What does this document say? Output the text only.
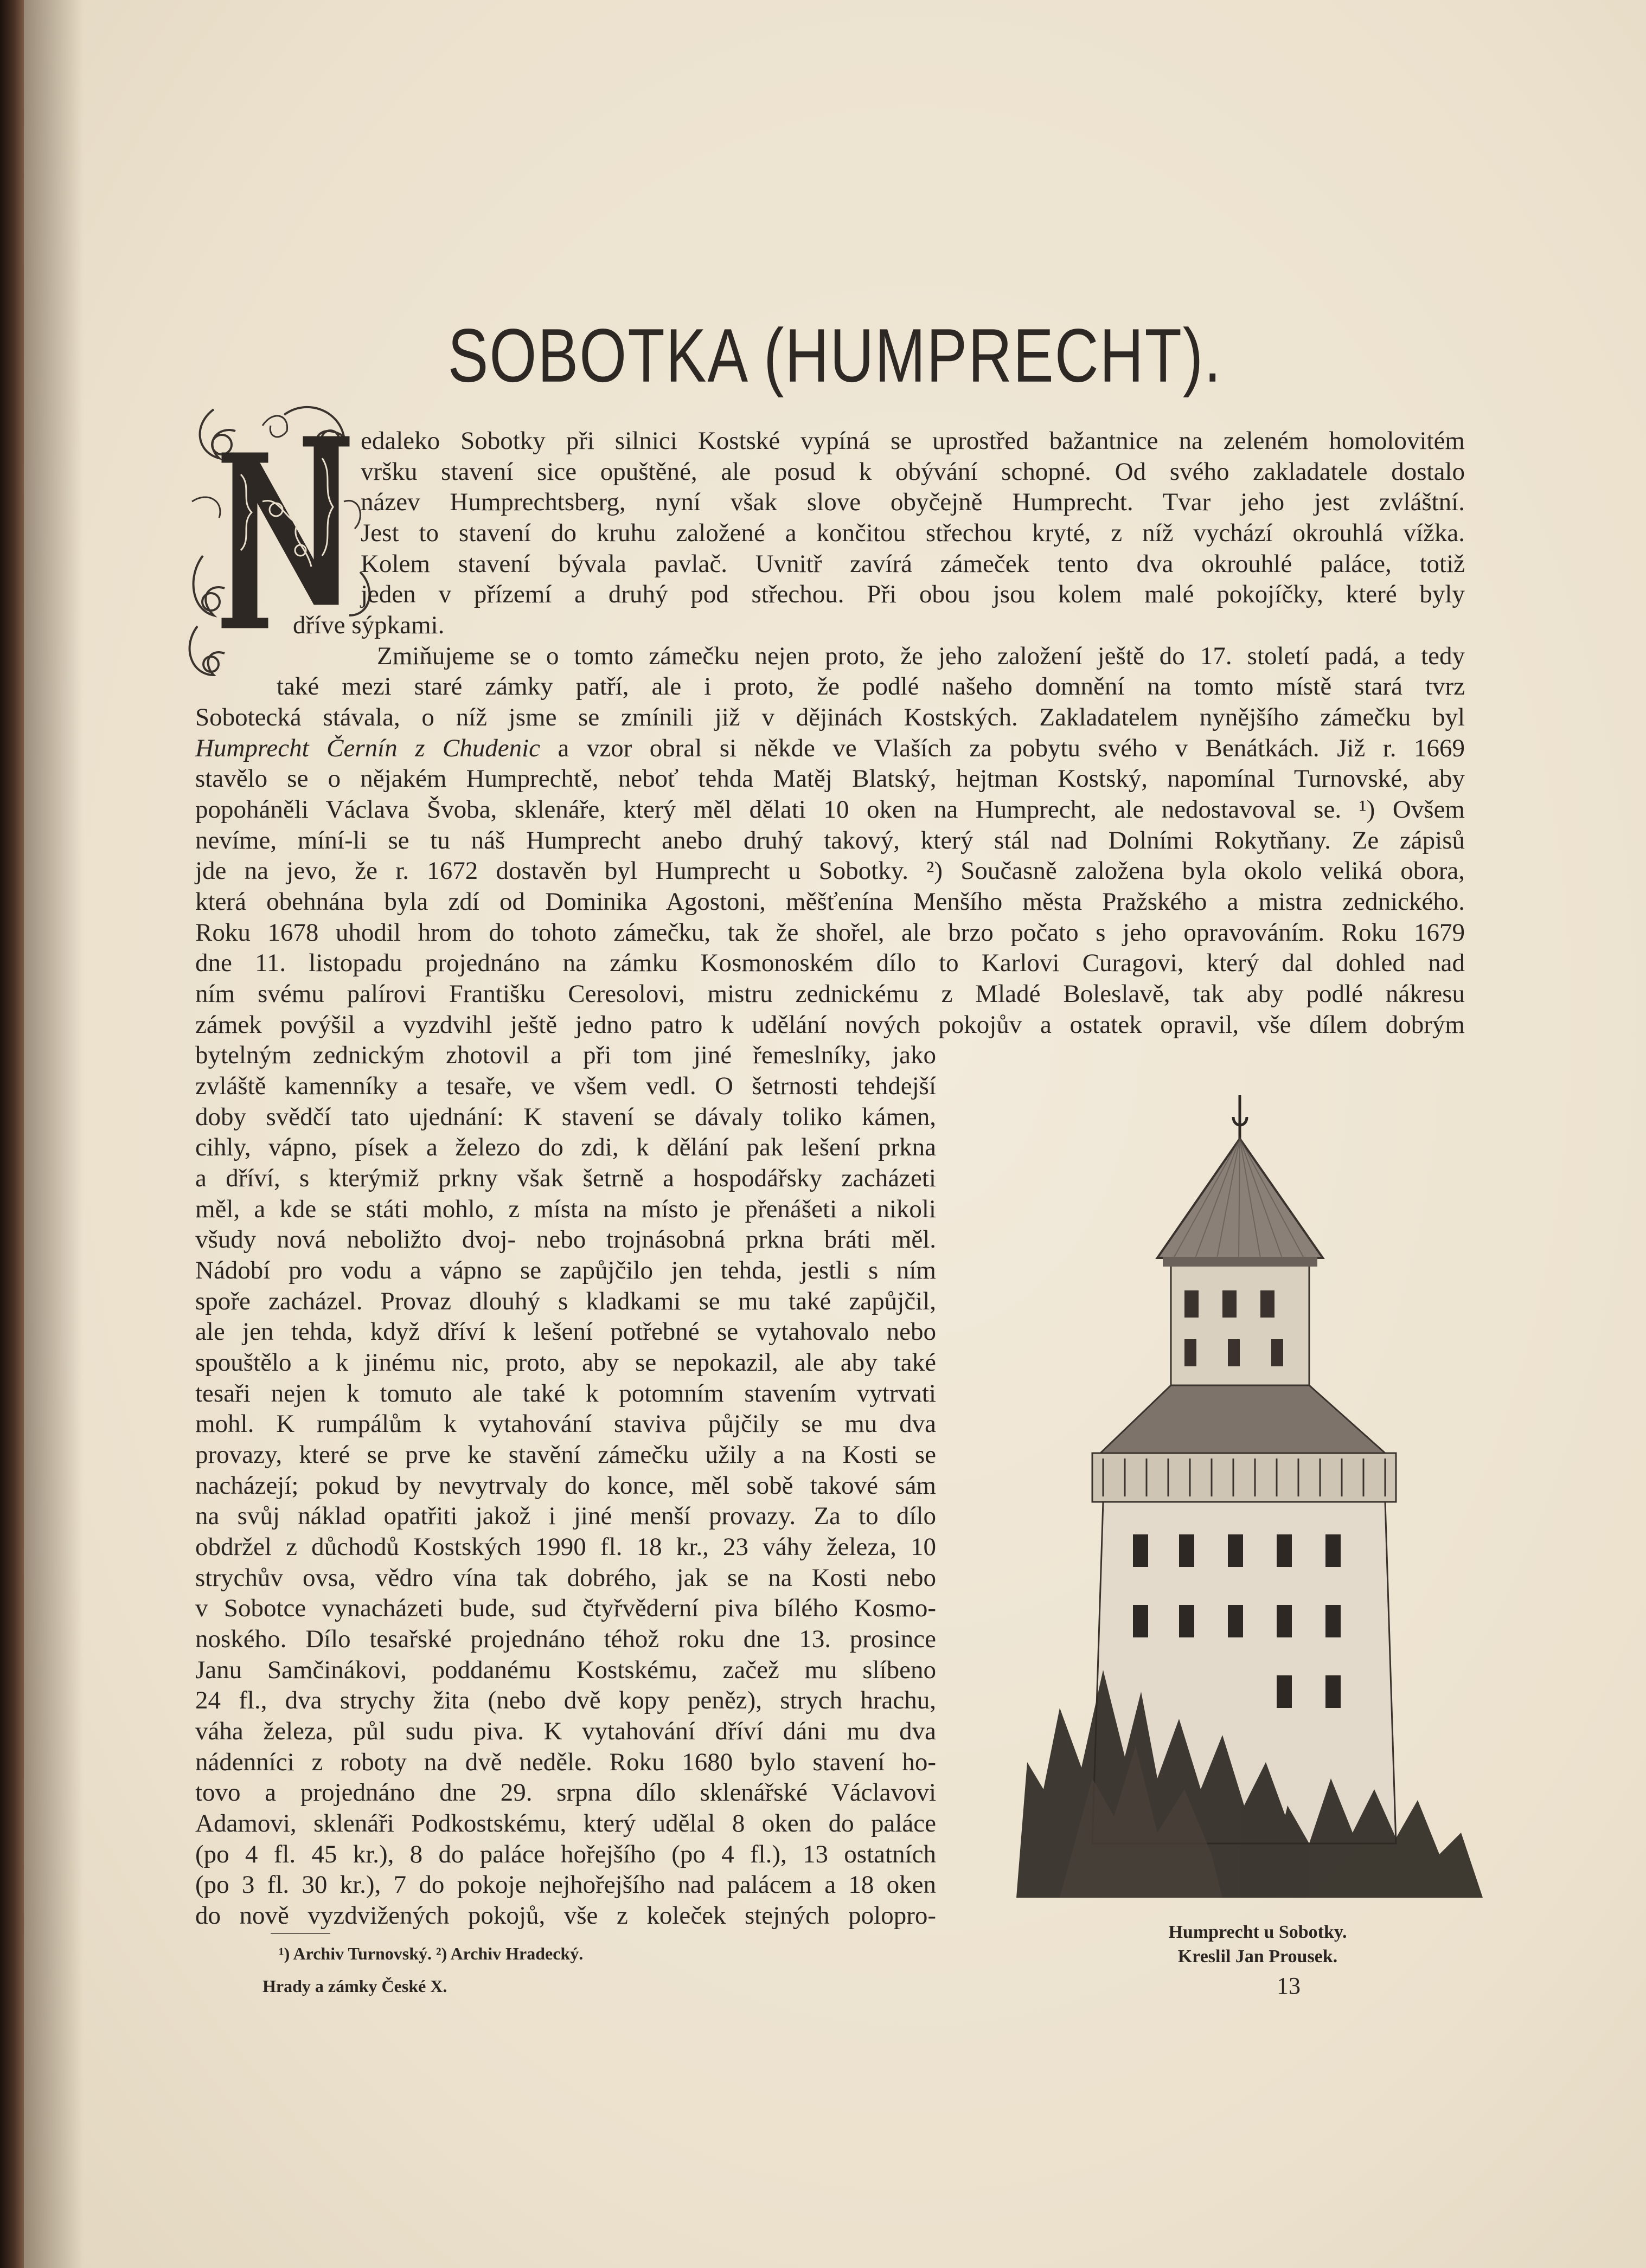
SOBOTKA (HUMPRECHT).
edaleko Sobotky při silnici Kostské vypíná se uprostřed bažantnice na zeleném homolovitém
vršku stavení sice opuštěné, ale posud k obývání schopné. Od svého zakladatele dostalo
název Humprechtsberg, nyní však slove obyčejně Humprecht. Tvar jeho jest zvláštní.
Jest to stavení do kruhu založené a končitou střechou kryté, z níž vychází okrouhlá vížka.
Kolem stavení bývala pavlač. Uvnitř zavírá zámeček tento dva okrouhlé paláce, totiž
jeden v přízemí a druhý pod střechou. Při obou jsou kolem malé pokojíčky, které byly
dříve sýpkami.
Zmiňujeme se o tomto zámečku nejen proto, že jeho založení ještě do 17. století padá, a tedy
také mezi staré zámky patří, ale i proto, že podlé našeho domnění na tomto místě stará tvrz
Sobotecká stávala, o níž jsme se zmínili již v dějinách Kostských. Zakladatelem nynějšího zámečku byl
Humprecht Černín z Chudenic a vzor obral si někde ve Vlaších za pobytu svého v Benátkách. Již r. 1669
stavělo se o nějakém Humprechtě, neboť tehda Matěj Blatský, hejtman Kostský, napomínal Turnovské, aby
popoháněli Václava Švoba, sklenáře, který měl dělati 10 oken na Humprecht, ale nedostavoval se. ¹) Ovšem
nevíme, míní-li se tu náš Humprecht anebo druhý takový, který stál nad Dolními Rokytňany. Ze zápisů
jde na jevo, že r. 1672 dostavěn byl Humprecht u Sobotky. ²) Současně založena byla okolo veliká obora,
která obehnána byla zdí od Dominika Agostoni, měšťenína Menšího města Pražského a mistra zednického.
Roku 1678 uhodil hrom do tohoto zámečku, tak že shořel, ale brzo počato s jeho opravováním. Roku 1679
dne 11. listopadu projednáno na zámku Kosmonoském dílo to Karlovi Curagovi, který dal dohled nad
ním svému palírovi Františku Ceresolovi, mistru zednickému z Mladé Boleslavě, tak aby podlé nákresu
zámek povýšil a vyzdvihl ještě jedno patro k udělání nových pokojův a ostatek opravil, vše dílem dobrým
bytelným zednickým zhotovil a při tom jiné řemeslníky, jako
zvláště kamenníky a tesaře, ve všem vedl. O šetrnosti tehdejší
doby svědčí tato ujednání: K stavení se dávaly toliko kámen,
cihly, vápno, písek a železo do zdi, k dělání pak lešení prkna
a dříví, s kterýmiž prkny však šetrně a hospodářsky zacházeti
měl, a kde se státi mohlo, z místa na místo je přenášeti a nikoli
všudy nová neboližto dvoj- nebo trojnásobná prkna bráti měl.
Nádobí pro vodu a vápno se zapůjčilo jen tehda, jestli s ním
spoře zacházel. Provaz dlouhý s kladkami se mu také zapůjčil,
ale jen tehda, když dříví k lešení potřebné se vytahovalo nebo
spouštělo a k jinému nic, proto, aby se nepokazil, ale aby také
tesaři nejen k tomuto ale také k potomním stavením vytrvati
mohl. K rumpálům k vytahování staviva půjčily se mu dva
provazy, které se prve ke stavění zámečku užily a na Kosti se
nacházejí; pokud by nevytrvaly do konce, měl sobě takové sám
na svůj náklad opatřiti jakož i jiné menší provazy. Za to dílo
obdržel z důchodů Kostských 1990 fl. 18 kr., 23 váhy železa, 10
strychův ovsa, vědro vína tak dobrého, jak se na Kosti nebo
v Sobotce vynacházeti bude, sud čtyřvěderní piva bílého Kosmo-
noského. Dílo tesařské projednáno téhož roku dne 13. prosince
Janu Samčinákovi, poddanému Kostskému, začež mu slíbeno
24 fl., dva strychy žita (nebo dvě kopy peněz), strych hrachu,
váha železa, půl sudu piva. K vytahování dříví dáni mu dva
nádenníci z roboty na dvě neděle. Roku 1680 bylo stavení ho-
tovo a projednáno dne 29. srpna dílo sklenářské Václavovi
Adamovi, sklenáři Podkostskému, který udělal 8 oken do paláce
(po 4 fl. 45 kr.), 8 do paláce hořejšího (po 4 fl.), 13 ostatních
(po 3 fl. 30 kr.), 7 do pokoje nejhořejšího nad palácem a 18 oken
do nově vyzdvižených pokojů, vše z koleček stejných polopro-
Humprecht u Sobotky.
Kreslil Jan Prousek.
¹) Archiv Turnovský. ²) Archiv Hradecký.
Hrady a zámky České X.	13
